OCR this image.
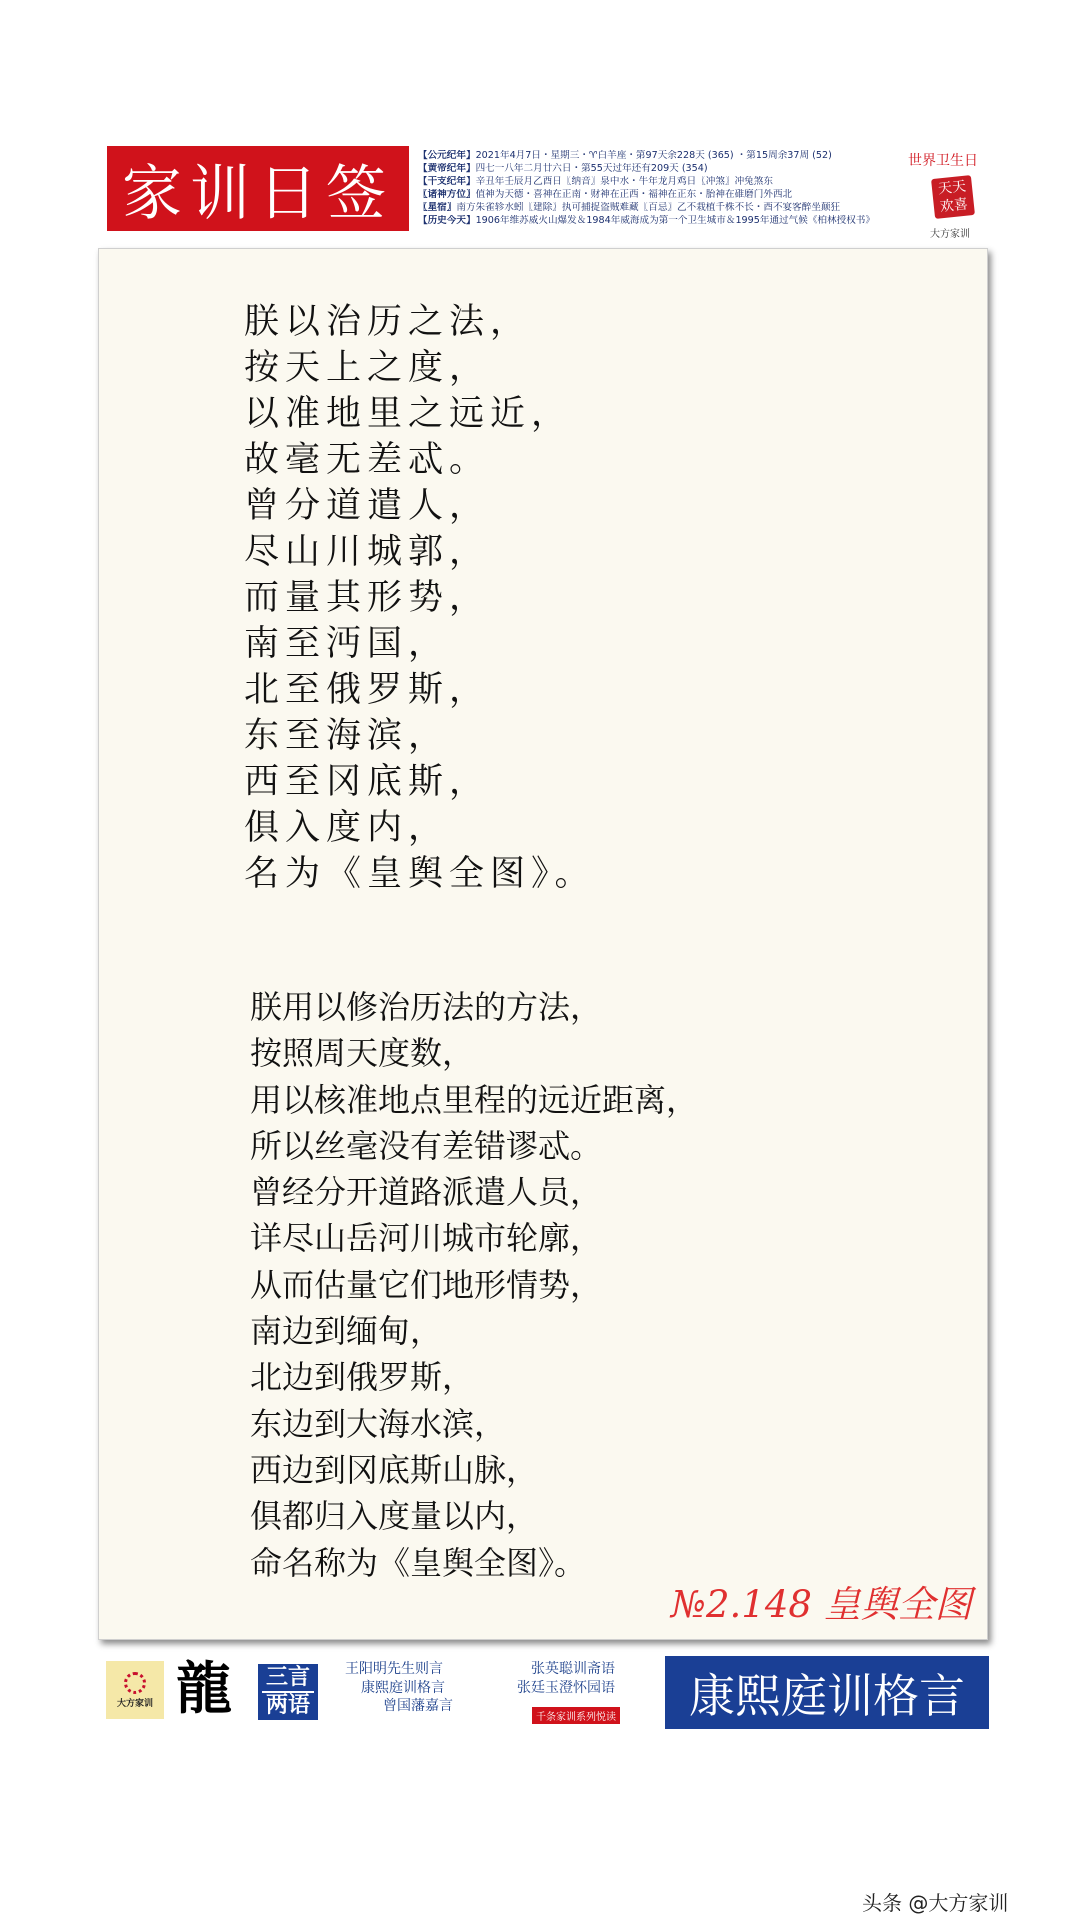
家训日签
【公元纪年】2021年4月7日・星期三・♈白羊座・第97天余228天 (365) ・第15周余37周 (52)
【黄帝纪年】四七一八年二月廿六日・第55天过年还有209天 (354)
【干支纪年】辛丑年壬辰月乙酉日〖纳音〗泉中水・牛年龙月鸡日〖冲煞〗冲兔煞东
〖诸神方位〗值神为天德・喜神在正南・财神在正西・福神在正东・胎神在碓磨门外西北
〖星宿〗南方朱雀轸水蚓〖建除〗执可捕捉盗贼难藏〖百忌〗乙不栽植千株不长・酉不宴客醉坐颠狂
【历史今天】1906年维苏威火山爆发＆1984年威海成为第一个卫生城市＆1995年通过气候《柏林授权书》
世界卫生日
天天
欢喜
大方家训
朕以治历之法，
按天上之度，
以准地里之远近，
故毫无差忒。
曾分道遣人，
尽山川城郭，
而量其形势，
南至沔国，
北至俄罗斯，
东至海滨，
西至冈底斯，
俱入度内，
名为《皇舆全图》。
朕用以修治历法的方法，
按照周天度数，
用以核准地点里程的远近距离，
所以丝毫没有差错谬忒。
曾经分开道路派遣人员，
详尽山岳河川城市轮廓，
从而估量它们地形情势，
南边到缅甸，
北边到俄罗斯，
东边到大海水滨，
西边到冈底斯山脉，
俱都归入度量以内，
命名称为《皇舆全图》。
№2.148 皇舆全图
大方家训 龍 三言
两语
王阳明先生则言
康熙庭训格言
曾国藩嘉言
张英聪训斋语
张廷玉澄怀园语
千条家训系列悦读 康熙庭训格言
头条 @大方家训
